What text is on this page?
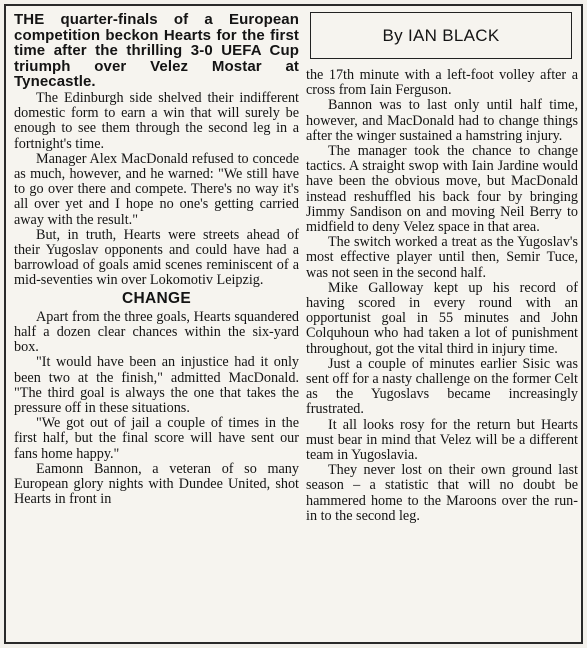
THE quarter-finals of a European competition beckon Hearts for the first time after the thrilling 3-0 UEFA Cup triumph over Velez Mostar at Tynecastle.

The Edinburgh side shelved their indifferent domestic form to earn a win that will surely be enough to see them through the second leg in a fortnight's time.

Manager Alex MacDonald refused to concede as much, however, and he warned: "We still have to go over there and compete. There's no way it's all over yet and I hope no one's getting carried away with the result."

But, in truth, Hearts were streets ahead of their Yugoslav opponents and could have had a barrowload of goals amid scenes reminiscent of a mid-seventies win over Lokomotiv Leipzig.

CHANGE

Apart from the three goals, Hearts squandered half a dozen clear chances within the six-yard box.

"It would have been an injustice had it only been two at the finish," admitted MacDonald. "The third goal is always the one that takes the pressure off in these situations.

"We got out of jail a couple of times in the first half, but the final score will have sent our fans home happy."

Eamonn Bannon, a veteran of so many European glory nights with Dundee United, shot Hearts in front in

By IAN BLACK

the 17th minute with a left-foot volley after a cross from Iain Ferguson.

Bannon was to last only until half time, however, and MacDonald had to change things after the winger sustained a hamstring injury.

The manager took the chance to change tactics. A straight swop with Iain Jardine would have been the obvious move, but MacDonald instead reshuffled his back four by bringing Jimmy Sandison on and moving Neil Berry to midfield to deny Velez space in that area.

The switch worked a treat as the Yugoslav's most effective player until then, Semir Tuce, was not seen in the second half.

Mike Galloway kept up his record of having scored in every round with an opportunist goal in 55 minutes and John Colquhoun who had taken a lot of punishment throughout, got the vital third in injury time.

Just a couple of minutes earlier Sisic was sent off for a nasty challenge on the former Celt as the Yugoslavs became increasingly frustrated.

It all looks rosy for the return but Hearts must bear in mind that Velez will be a different team in Yugoslavia.

They never lost on their own ground last season – a statistic that will no doubt be hammered home to the Maroons over the run-in to the second leg.
